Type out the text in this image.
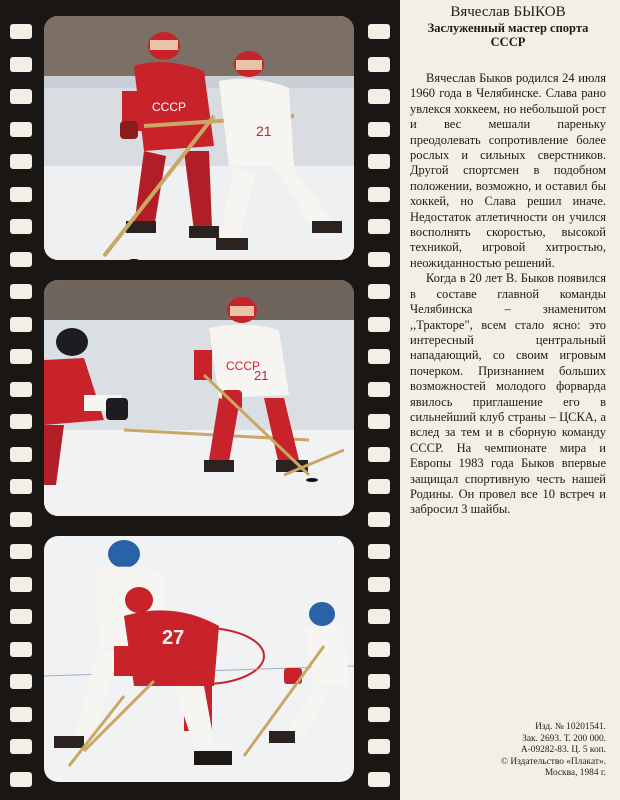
CCCP
21
CCCP
21
27

Вячеслав БЫКОВ

Заслуженный мастер спорта

СССР

Вячеслав Быков родился 24 июля 1960 года в Челябинске. Слава рано увлекся хоккеем, но небольшой рост и вес мешали пареньку преодолевать сопротивление более рослых и сильных сверстников. Другой спортсмен в подобном положении, возможно, и оставил бы хоккей, но Слава решил иначе. Недостаток атлетичности он учился восполнять скоростью, высокой техникой, игровой хитростью, неожиданностью решений.

Когда в 20 лет В. Быков появился в составе главной команды Челябинска – знаменитом ,,Тракторе", всем стало ясно: это интересный центральный нападающий, со своим игровым почерком. Признанием больших возможностей молодого форварда явилось приглашение его в сильнейший клуб страны – ЦСКА, а вслед за тем и в сборную команду СССР. На чемпионате мира и Европы 1983 года Быков впервые защищал спортивную честь нашей Родины. Он провел все 10 встреч и забросил 3 шайбы.

Изд. № 10201541.
Зак. 2693. Т. 200 000.
А-09282-83. Ц. 5 коп.
© Издательство «Плакат».
Москва, 1984 г.
